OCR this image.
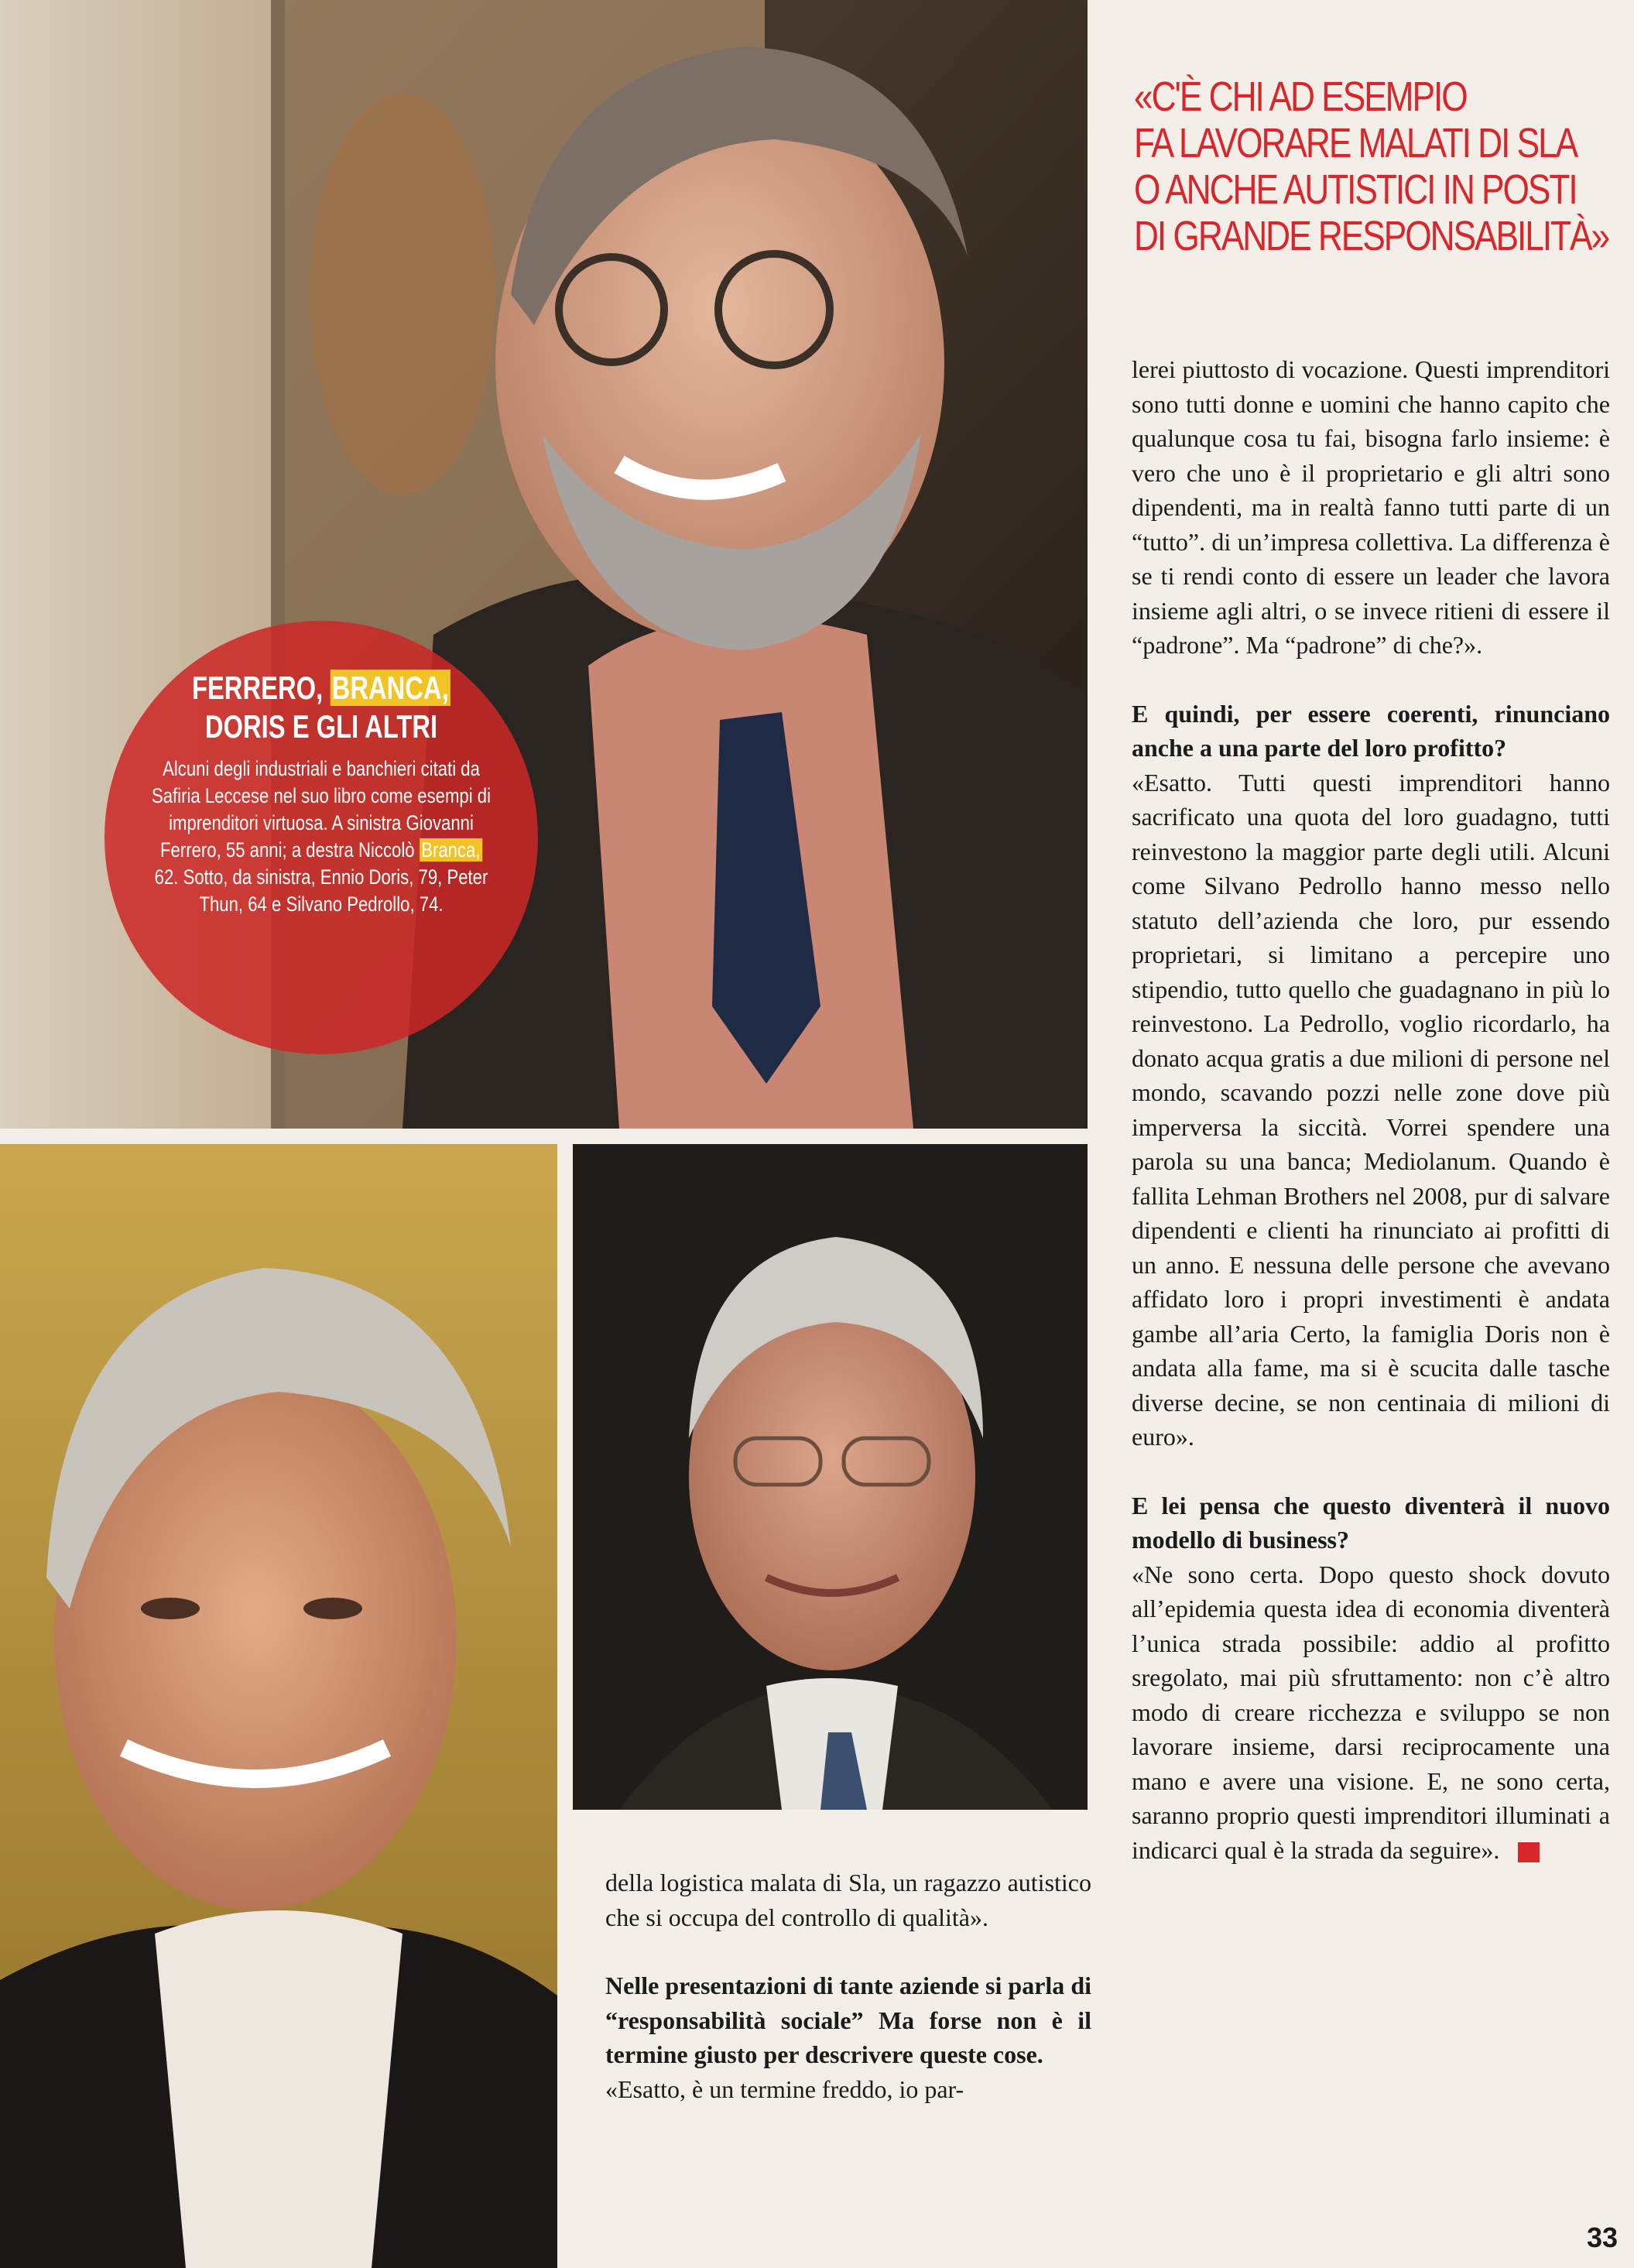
FERRERO, BRANCA,
DORIS E GLI ALTRI
Alcuni degli industriali e banchieri citati da Safiria Leccese nel suo libro come esempi di imprenditori virtuosa. A sinistra Giovanni Ferrero, 55 anni; a destra Niccolò Branca, 62. Sotto, da sinistra, Ennio Doris, 79, Peter Thun, 64 e Silvano Pedrollo, 74.
«C'È CHI AD ESEMPIO
FA LAVORARE MALATI DI SLA
O ANCHE AUTISTICI IN POSTI
DI GRANDE RESPONSABILITÀ»

lerei piuttosto di vocazione. Questi imprenditori sono tutti donne e uomini che hanno capito che qualunque cosa tu fai, bisogna farlo insieme: è vero che uno è il proprietario e gli altri sono dipendenti, ma in realtà fanno tutti parte di un “tutto”. di un’impresa collettiva. La differenza è se ti rendi conto di essere un leader che lavora insieme agli altri, o se invece ritieni di essere il “padrone”. Ma “padrone” di che?».

E quindi, per essere coerenti, rinunciano anche a una parte del loro profitto?

«Esatto. Tutti questi imprenditori hanno sacrificato una quota del loro guadagno, tutti reinvestono la maggior parte degli utili. Alcuni come Silvano Pedrollo hanno messo nello statuto dell’azienda che loro, pur essendo proprietari, si limitano a percepire uno stipendio, tutto quello che guadagnano in più lo reinvestono. La Pedrollo, voglio ricordarlo, ha donato acqua gratis a due milioni di persone nel mondo, scavando pozzi nelle zone dove più imperversa la siccità. Vorrei spendere una parola su una banca; Mediolanum. Quando è fallita Lehman Brothers nel 2008, pur di salvare dipendenti e clienti ha rinunciato ai profitti di un anno. E nessuna delle persone che avevano affidato loro i propri investimenti è andata gambe all’aria Certo, la famiglia Doris non è andata alla fame, ma si è scucita dalle tasche diverse decine, se non centinaia di milioni di euro».

E lei pensa che questo diventerà il nuovo modello di business?

«Ne sono certa. Dopo questo shock dovuto all’epidemia questa idea di economia diventerà l’unica strada possibile: addio al profitto sregolato, mai più sfruttamento: non c’è altro modo di creare ricchezza e sviluppo se non lavorare insieme, darsi reciprocamente una mano e avere una visione. E, ne sono certa, saranno proprio questi imprenditori illuminati a indicarci qual è la strada da seguire».

della logistica malata di Sla, un ragazzo autistico che si occupa del controllo di qualità».

Nelle presentazioni di tante aziende si parla di “responsabilità sociale” Ma forse non è il termine giusto per descrivere queste cose.

«Esatto, è un termine freddo, io par-

33
